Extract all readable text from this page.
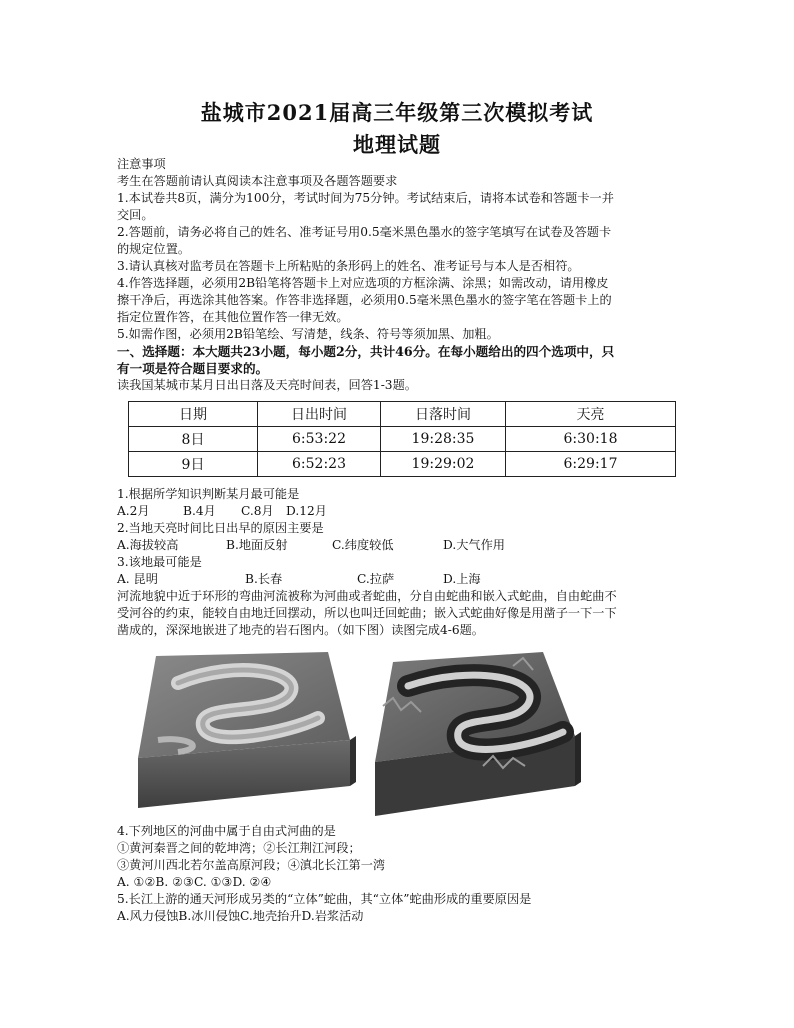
盐城市2021届高三年级第三次模拟考试
地理试题
注意事项
考生在答题前请认真阅读本注意事项及各题答题要求
1.本试卷共8页，满分为100分，考试时间为75分钟。考试结束后，请将本试卷和答题卡一并
交回。
2.答题前，请务必将自己的姓名、准考证号用0.5毫米黑色墨水的签字笔填写在试卷及答题卡
的规定位置。
3.请认真核对监考员在答题卡上所粘贴的条形码上的姓名、准考证号与本人是否相符。
4.作答选择题，必须用2B铅笔将答题卡上对应选项的方框涂满、涂黑；如需改动，请用橡皮
擦干净后，再选涂其他答案。作答非选择题，必须用0.5毫米黑色墨水的签字笔在答题卡上的
指定位置作答，在其他位置作答一律无效。
5.如需作图，必须用2B铅笔绘、写清楚，线条、符号等须加黑、加粗。
一、选择题：本大题共23小题，每小题2分，共计46分。在每小题给出的四个选项中，只
有一项是符合题目要求的。
读我国某城市某月日出日落及天亮时间表，回答1-3题。
日期	日出时间	日落时间	天亮
8日	6:53:22	19:28:35	6:30:18
9日	6:52:23	19:29:02	6:29:17
1.根据所学知识判断某月最可能是
A.2月	B.4月	C.8月	D.12月
2.当地天亮时间比日出早的原因主要是
A.海拔较高	B.地面反射	C.纬度较低	D.大气作用
3.该地最可能是
A. 昆明	B.长春	C.拉萨	D.上海
河流地貌中近于环形的弯曲河流被称为河曲或者蛇曲，分自由蛇曲和嵌入式蛇曲，自由蛇曲不
受河谷的约束，能较自由地迁回摆动，所以也叫迁回蛇曲；嵌入式蛇曲好像是用凿子一下一下
凿成的，深深地嵌进了地壳的岩石图内。（如下图）读图完成4-6题。
4.下列地区的河曲中属于自由式河曲的是
①黄河秦晋之间的乾坤湾；②长江荆江河段；
③黄河川西北若尔盖高原河段；④滇北长江第一湾
A. ①②B. ②③C. ①③D. ②④
5.长江上游的通天河形成另类的“立体”蛇曲，其“立体”蛇曲形成的重要原因是
A.风力侵蚀B.冰川侵蚀C.地壳抬升D.岩浆活动
